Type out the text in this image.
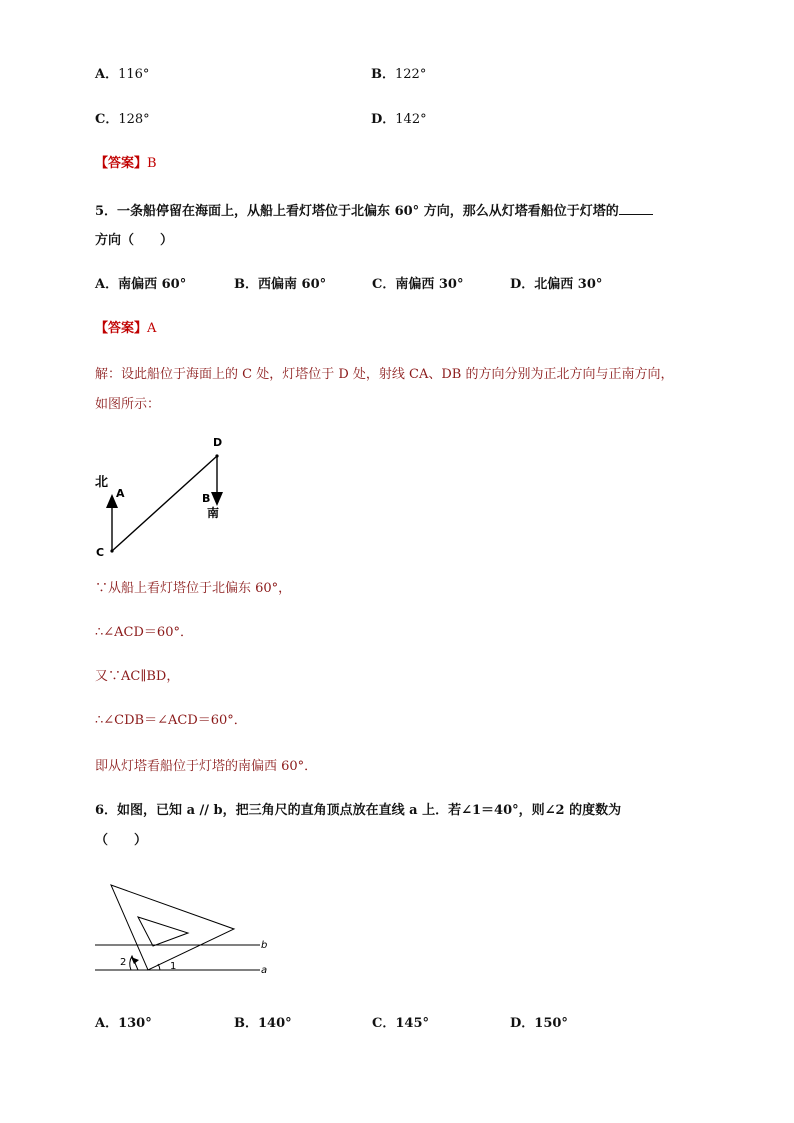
A．116°	B．122°
C．128°	D．142°
【答案】B
5．一条船停留在海面上，从船上看灯塔位于北偏东 60° 方向，那么从灯塔看船位于灯塔的
方向（　　）
A．南偏西 60°	B．西偏南 60°	C．南偏西 30°	D．北偏西 30°
【答案】A
解：设此船位于海面上的 C 处，灯塔位于 D 处，射线 CA、DB 的方向分别为正北方向与正南方向，
如图所示：
北
A
D
B
南
C
∵从船上看灯塔位于北偏东 60°，
∴∠ACD＝60°．
又∵AC∥BD，
∴∠CDB＝∠ACD＝60°．
即从灯塔看船位于灯塔的南偏西 60°．
6．如图，已知 a // b，把三角尺的直角顶点放在直线 a 上．若∠1＝40°，则∠2 的度数为
（　　）
b
a
2	1
A．130°	B．140°	C．145°	D．150°
